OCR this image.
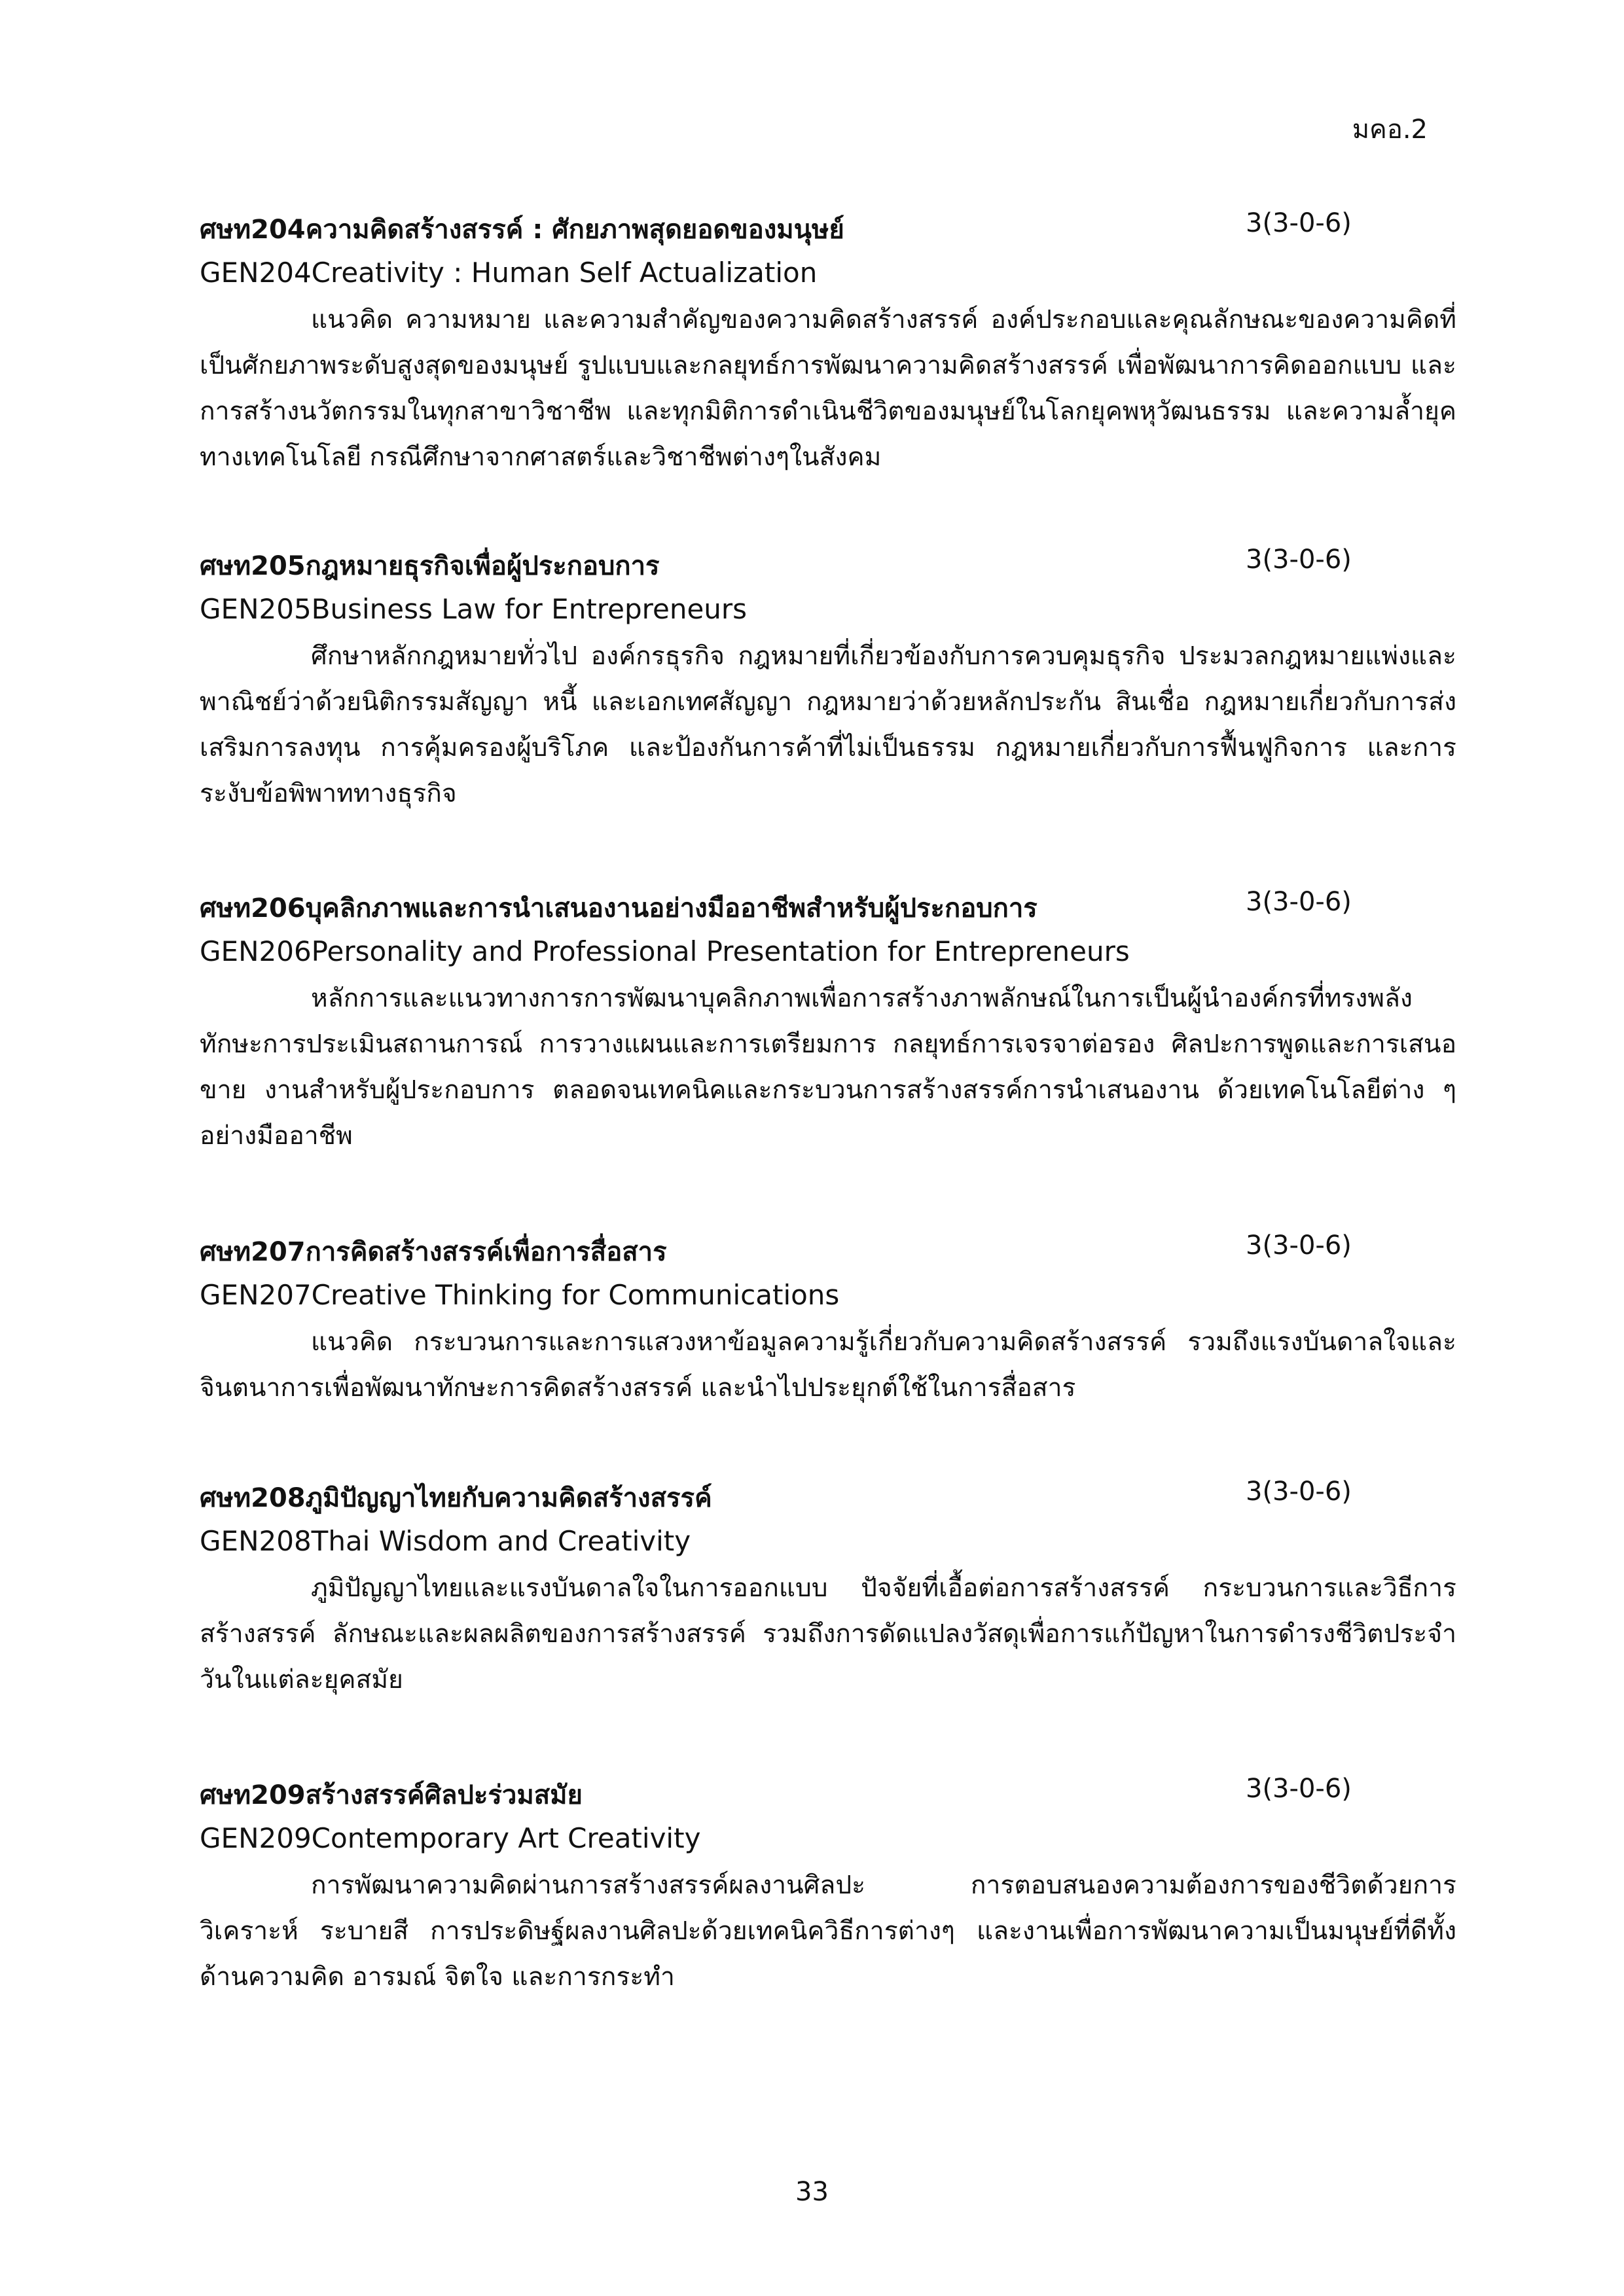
มคอ.2
ศษท204ความคิดสร้างสรรค์ : ศักยภาพสุดยอดของมนุษย์	3(3-0-6)
GEN204 Creativity : Human Self Actualization

แนวคิด ความหมาย และความสำคัญของความคิดสร้างสรรค์ องค์ประกอบและคุณลักษณะของความคิดที่เป็นศักยภาพระดับสูงสุดของมนุษย์ รูปแบบและกลยุทธ์การพัฒนาความคิดสร้างสรรค์ เพื่อพัฒนาการคิดออกแบบ และการสร้างนวัตกรรมในทุกสาขาวิชาชีพ และทุกมิติการดำเนินชีวิตของมนุษย์ในโลกยุคพหุวัฒนธรรม และความล้ำยุคทางเทคโนโลยี กรณีศึกษาจากศาสตร์และวิชาชีพต่างๆในสังคม

ศษท205กฎหมายธุรกิจเพื่อผู้ประกอบการ	3(3-0-6)
GEN205 Business Law for Entrepreneurs

ศึกษาหลักกฎหมายทั่วไป องค์กรธุรกิจ กฎหมายที่เกี่ยวข้องกับการควบคุมธุรกิจ ประมวลกฎหมายแพ่งและพาณิชย์ว่าด้วยนิติกรรมสัญญา หนี้ และเอกเทศสัญญา กฎหมายว่าด้วยหลักประกัน สินเชื่อ กฎหมายเกี่ยวกับการส่งเสริมการลงทุน การคุ้มครองผู้บริโภค และป้องกันการค้าที่ไม่เป็นธรรม กฎหมายเกี่ยวกับการฟื้นฟูกิจการ และการระงับข้อพิพาททางธุรกิจ

ศษท206บุคลิกภาพและการนำเสนองานอย่างมืออาชีพสำหรับผู้ประกอบการ	3(3-0-6)
GEN206 Personality and Professional Presentation for Entrepreneurs

หลักการและแนวทางการการพัฒนาบุคลิกภาพเพื่อการสร้างภาพลักษณ์ในการเป็นผู้นำองค์กรที่ทรงพลัง ทักษะการประเมินสถานการณ์ การวางแผนและการเตรียมการ กลยุทธ์การเจรจาต่อรอง ศิลปะการพูดและการเสนอขาย งานสำหรับผู้ประกอบการ ตลอดจนเทคนิคและกระบวนการสร้างสรรค์การนำเสนองาน ด้วยเทคโนโลยีต่าง ๆ อย่างมืออาชีพ

ศษท207การคิดสร้างสรรค์เพื่อการสื่อสาร	3(3-0-6)
GEN207 Creative Thinking for Communications

แนวคิด กระบวนการและการแสวงหาข้อมูลความรู้เกี่ยวกับความคิดสร้างสรรค์ รวมถึงแรงบันดาลใจและจินตนาการเพื่อพัฒนาทักษะการคิดสร้างสรรค์ และนำไปประยุกต์ใช้ในการสื่อสาร

ศษท208ภูมิปัญญาไทยกับความคิดสร้างสรรค์	3(3-0-6)
GEN208 Thai Wisdom and Creativity

ภูมิปัญญาไทยและแรงบันดาลใจในการออกแบบ ปัจจัยที่เอื้อต่อการสร้างสรรค์ กระบวนการและวิธีการสร้างสรรค์ ลักษณะและผลผลิตของการสร้างสรรค์ รวมถึงการดัดแปลงวัสดุเพื่อการแก้ปัญหาในการดำรงชีวิตประจำวันในแต่ละยุคสมัย

ศษท209สร้างสรรค์ศิลปะร่วมสมัย	3(3-0-6)
GEN209 Contemporary Art Creativity

การพัฒนาความคิดผ่านการสร้างสรรค์ผลงานศิลปะ การตอบสนองความต้องการของชีวิตด้วยการวิเคราะห์ ระบายสี การประดิษฐ์ผลงานศิลปะด้วยเทคนิควิธีการต่างๆ และงานเพื่อการพัฒนาความเป็นมนุษย์ที่ดีทั้งด้านความคิด อารมณ์ จิตใจ และการกระทำ

33
